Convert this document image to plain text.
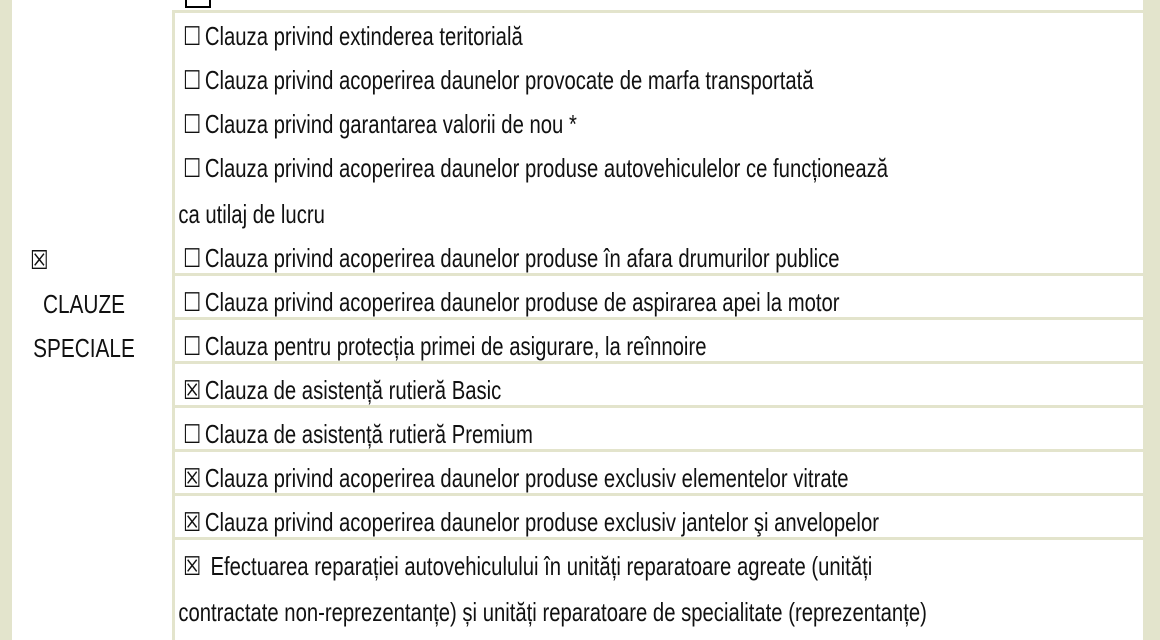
☒
CLAUZE
SPECIALE
☐ Clauza privind extinderea teritorială
☐ Clauza privind acoperirea daunelor provocate de marfa transportată
☐ Clauza privind garantarea valorii de nou *
☐ Clauza privind acoperirea daunelor produse autovehiculelor ce funcționează
ca utilaj de lucru
☐ Clauza privind acoperirea daunelor produse în afara drumurilor publice
☐ Clauza privind acoperirea daunelor produse de aspirarea apei la motor
☐ Clauza pentru protecția primei de asigurare, la reînnoire
☒ Clauza de asistență rutieră Basic
☐ Clauza de asistență rutieră Premium
☒ Clauza privind acoperirea daunelor produse exclusiv elementelor vitrate
☒ Clauza privind acoperirea daunelor produse exclusiv jantelor şi anvelopelor
☒ Efectuarea reparației autovehiculului în unități reparatoare agreate (unități
contractate non-reprezentanțe) și unități reparatoare de specialitate (reprezentanțe)
